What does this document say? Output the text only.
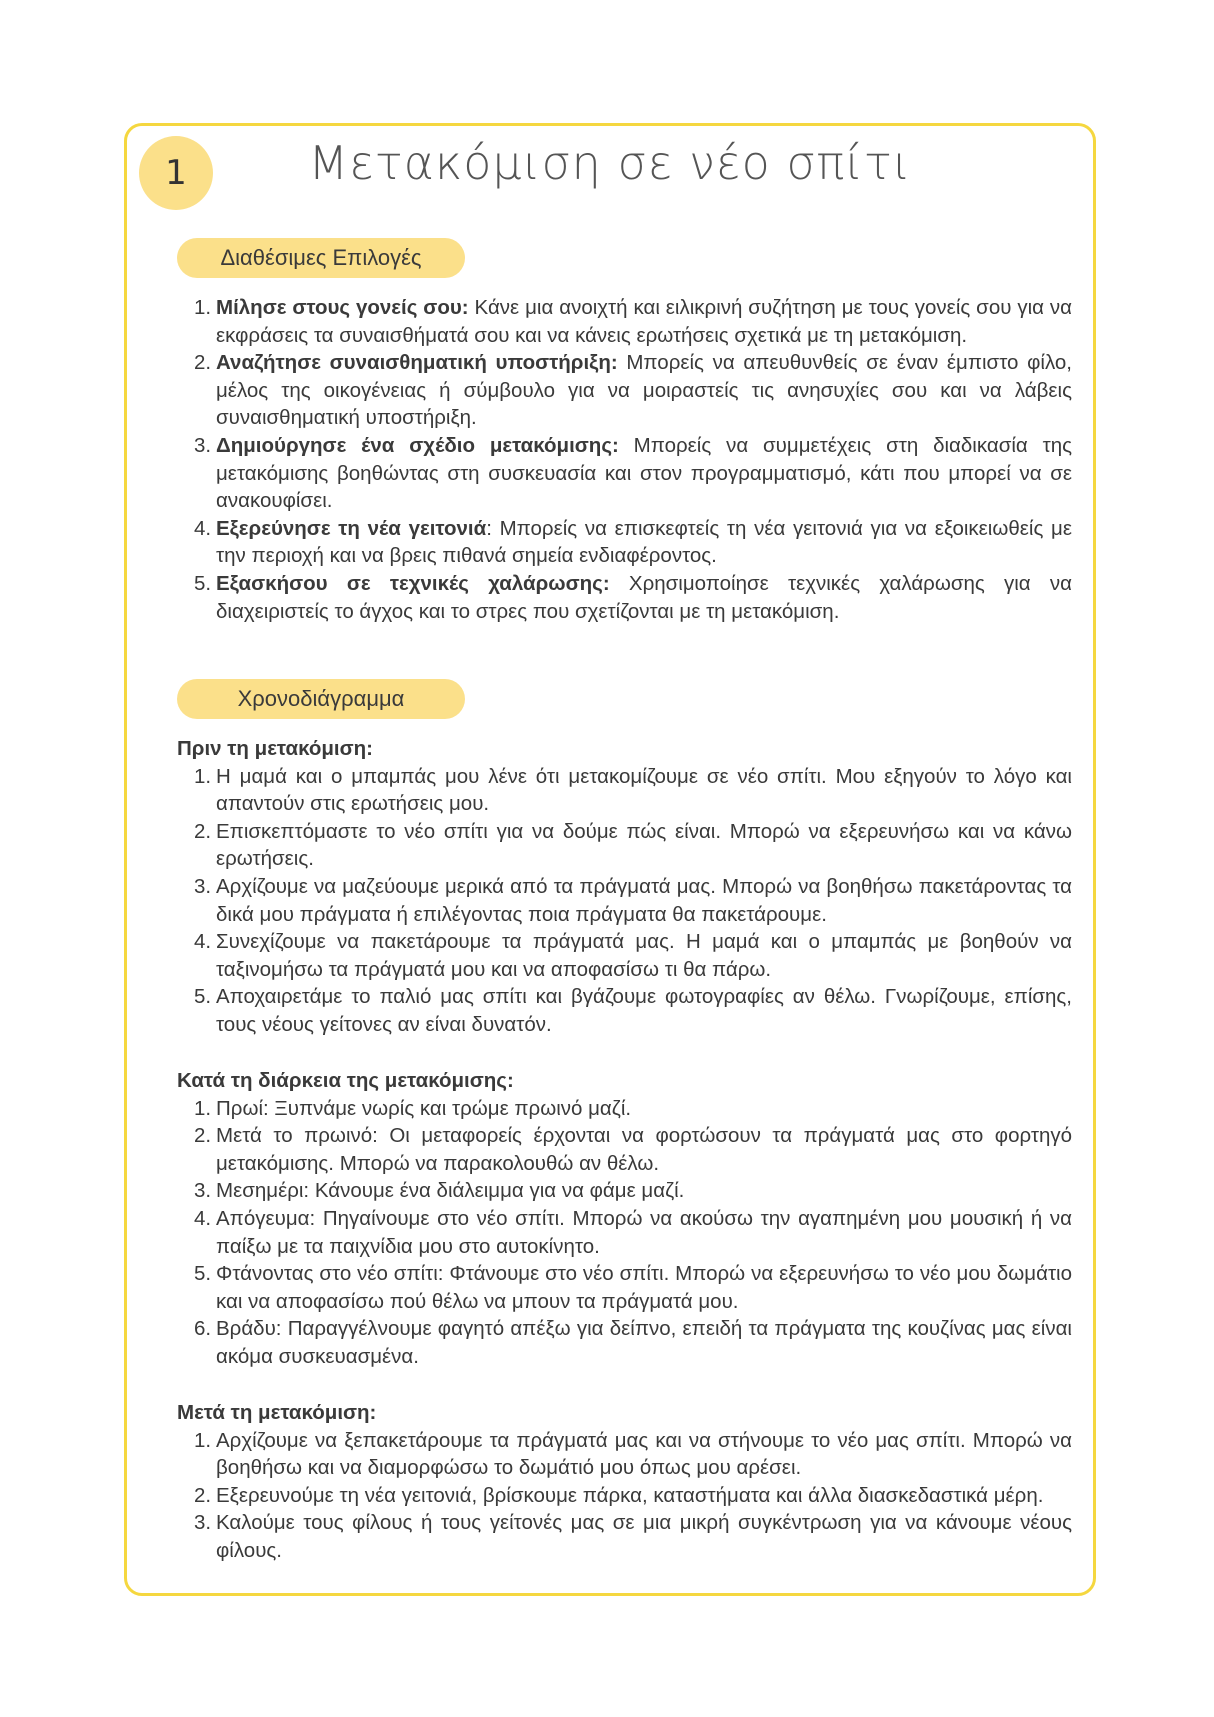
1	Μετακόμιση σε νέο σπίτι
Διαθέσιμες Επιλογές
1. Μίλησε στους γονείς σου: Κάνε μια ανοιχτή και ειλικρινή συζήτηση με τους γονείς σου για να εκφράσεις τα συναισθήματά σου και να κάνεις ερωτήσεις σχετικά με τη μετακόμιση.
2. Αναζήτησε συναισθηματική υποστήριξη: Μπορείς να απευθυνθείς σε έναν έμπιστο φίλο, μέλος της οικογένειας ή σύμβουλο για να μοιραστείς τις ανησυχίες σου και να λάβεις συναισθηματική υποστήριξη.
3. Δημιούργησε ένα σχέδιο μετακόμισης: Μπορείς να συμμετέχεις στη διαδικασία της μετακόμισης βοηθώντας στη συσκευασία και στον προγραμματισμό, κάτι που μπορεί να σε ανακουφίσει.
4. Εξερεύνησε τη νέα γειτονιά: Μπορείς να επισκεφτείς τη νέα γειτονιά για να εξοικειωθείς με την περιοχή και να βρεις πιθανά σημεία ενδιαφέροντος.
5. Εξασκήσου σε τεχνικές χαλάρωσης: Χρησιμοποίησε τεχνικές χαλάρωσης για να διαχειριστείς το άγχος και το στρες που σχετίζονται με τη μετακόμιση.
Χρονοδιάγραμμα
Πριν τη μετακόμιση:
1. Η μαμά και ο μπαμπάς μου λένε ότι μετακομίζουμε σε νέο σπίτι. Μου εξηγούν το λόγο και απαντούν στις ερωτήσεις μου.
2. Επισκεπτόμαστε το νέο σπίτι για να δούμε πώς είναι. Μπορώ να εξερευνήσω και να κάνω ερωτήσεις.
3. Αρχίζουμε να μαζεύουμε μερικά από τα πράγματά μας. Μπορώ να βοηθήσω πακετάροντας τα δικά μου πράγματα ή επιλέγοντας ποια πράγματα θα πακετάρουμε.
4. Συνεχίζουμε να πακετάρουμε τα πράγματά μας. Η μαμά και ο μπαμπάς με βοηθούν να ταξινομήσω τα πράγματά μου και να αποφασίσω τι θα πάρω.
5. Αποχαιρετάμε το παλιό μας σπίτι και βγάζουμε φωτογραφίες αν θέλω. Γνωρίζουμε, επίσης, τους νέους γείτονες αν είναι δυνατόν.
Κατά τη διάρκεια της μετακόμισης:
1. Πρωί: Ξυπνάμε νωρίς και τρώμε πρωινό μαζί.
2. Μετά το πρωινό: Οι μεταφορείς έρχονται να φορτώσουν τα πράγματά μας στο φορτηγό μετακόμισης. Μπορώ να παρακολουθώ αν θέλω.
3. Μεσημέρι: Κάνουμε ένα διάλειμμα για να φάμε μαζί.
4. Απόγευμα: Πηγαίνουμε στο νέο σπίτι. Μπορώ να ακούσω την αγαπημένη μου μουσική ή να παίξω με τα παιχνίδια μου στο αυτοκίνητο.
5. Φτάνοντας στο νέο σπίτι: Φτάνουμε στο νέο σπίτι. Μπορώ να εξερευνήσω το νέο μου δωμάτιο και να αποφασίσω πού θέλω να μπουν τα πράγματά μου.
6. Βράδυ: Παραγγέλνουμε φαγητό απέξω για δείπνο, επειδή τα πράγματα της κουζίνας μας είναι ακόμα συσκευασμένα.
Μετά τη μετακόμιση:
1. Αρχίζουμε να ξεπακετάρουμε τα πράγματά μας και να στήνουμε το νέο μας σπίτι. Μπορώ να βοηθήσω και να διαμορφώσω το δωμάτιό μου όπως μου αρέσει.
2. Εξερευνούμε τη νέα γειτονιά, βρίσκουμε πάρκα, καταστήματα και άλλα διασκεδαστικά μέρη.
3. Καλούμε τους φίλους ή τους γείτονές μας σε μια μικρή συγκέντρωση για να κάνουμε νέους φίλους.
